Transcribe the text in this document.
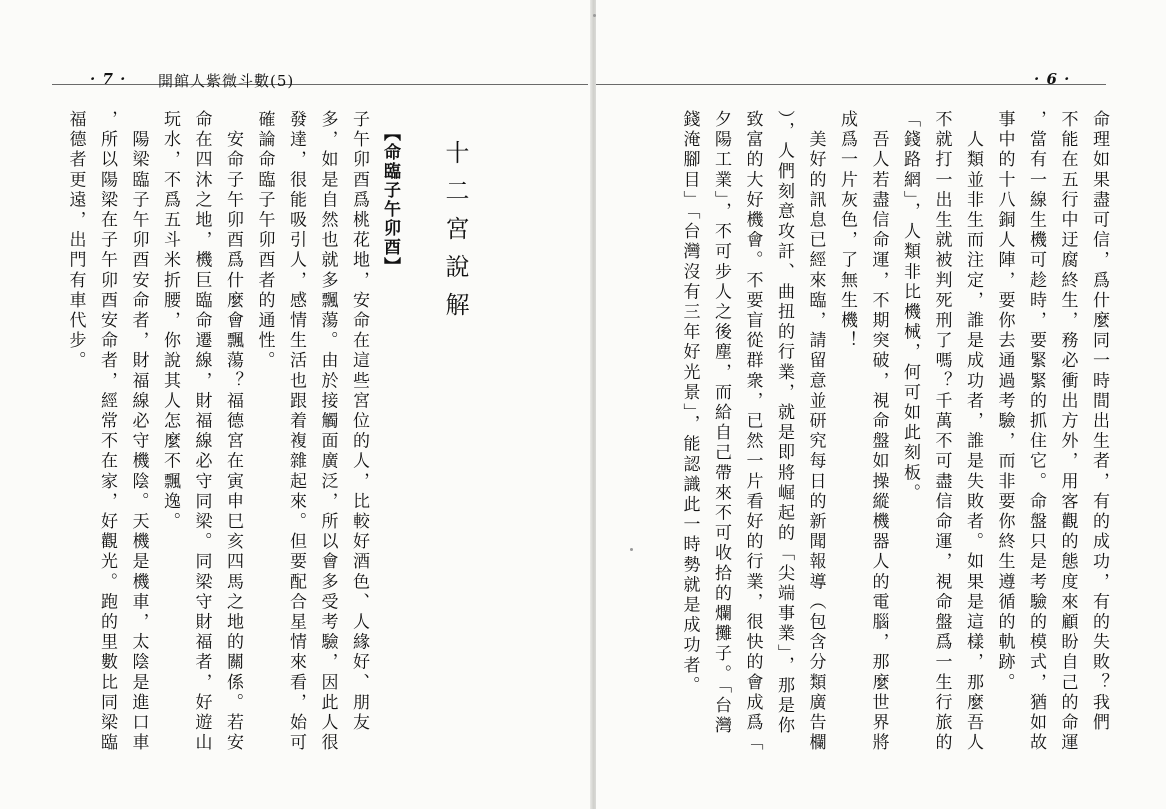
· 7 · 開館人紫微斗數(5)
十二宮說解
【命臨子午卯酉】
子午卯酉爲桃花地，安命在這些宮位的人，比較好酒色、人緣好、朋友
多，如是自然也就多飄蕩。由於接觸面廣泛，所以會多受考驗，因此人很
發達，很能吸引人，感情生活也跟着複雜起來。但要配合星情來看，始可
確論命臨子午卯酉者的通性。
　安命子午卯酉爲什麼會飄蕩？福德宮在寅申巳亥四馬之地的關係。若安
命在四沐之地，機巨臨命遷線，財福線必守同梁。同梁守財福者，好遊山
玩水，不爲五斗米折腰，你說其人怎麼不飄逸。
　陽梁臨子午卯酉安命者，財福線必守機陰。天機是機車，太陰是進口車
，所以陽梁在子午卯酉安命者，經常不在家，好觀光。跑的里數比同梁臨
福德者更遠，出門有車代步。
· 6 ·
命理如果盡可信，爲什麼同一時間出生者，有的成功，有的失敗？我們
不能在五行中迂腐終生，務必衝出方外，用客觀的態度來顧盼自己的命運
，當有一線生機可趁時，要緊緊的抓住它。命盤只是考驗的模式，猶如故
事中的十八銅人陣，要你去通過考驗，而非要你終生遵循的軌跡。
　人類並非生而注定，誰是成功者，誰是失敗者。如果是這樣，那麼吾人
不就打一出生就被判死刑了嗎？千萬不可盡信命運，視命盤爲一生行旅的
「錢路網」，人類非比機械，何可如此刻板。
　吾人若盡信命運，不期突破，視命盤如操縱機器人的電腦，那麼世界將
成爲一片灰色，了無生機！
　美好的訊息已經來臨，請留意並研究每日的新聞報導（包含分類廣告欄
），人們刻意攻訐、曲扭的行業，就是即將崛起的「尖端事業」，那是你
致富的大好機會。不要盲從群衆，已然一片看好的行業，很快的會成爲「
夕陽工業」，不可步人之後塵，而給自己帶來不可收拾的爛攤子。「台灣
錢淹腳目」「台灣沒有三年好光景」，能認識此一時勢就是成功者。
